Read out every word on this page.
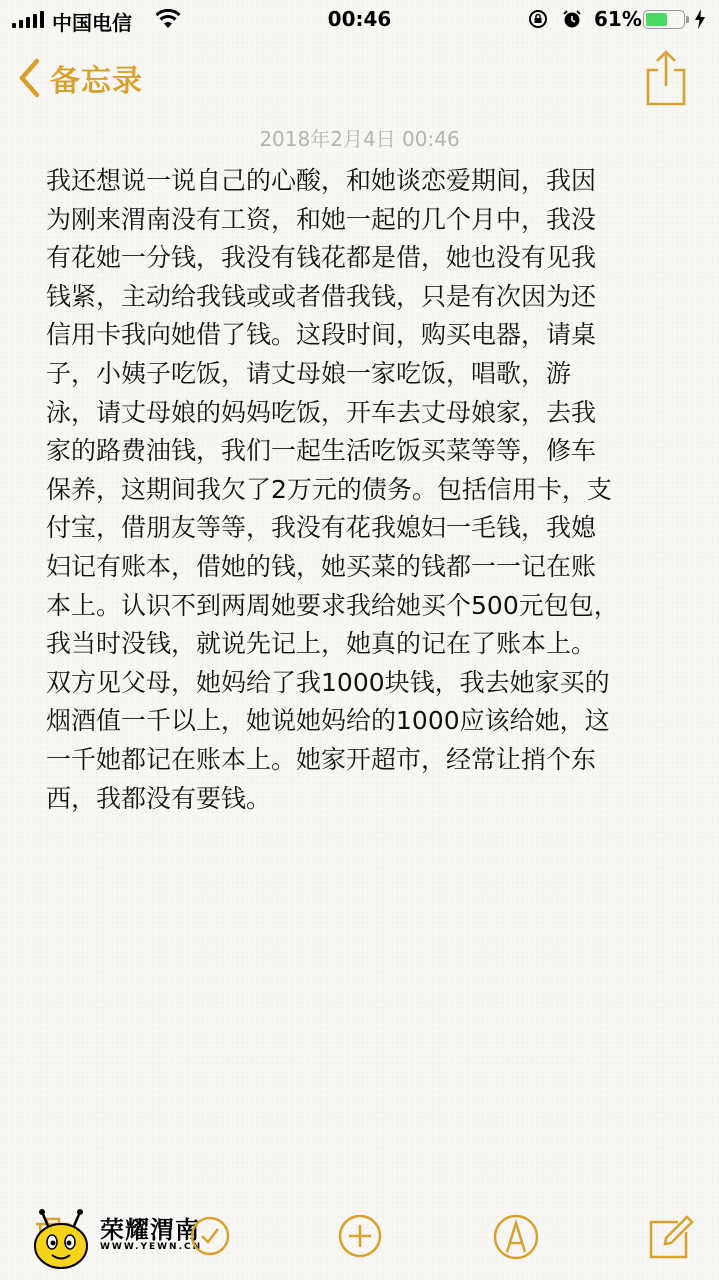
中国电信	00:46	61%
备忘录
2018年2月4日 00:46
我还想说一说自己的心酸，和她谈恋爱期间，我因
为刚来渭南没有工资，和她一起的几个月中，我没
有花她一分钱，我没有钱花都是借，她也没有见我
钱紧，主动给我钱或或者借我钱，只是有次因为还
信用卡我向她借了钱。这段时间，购买电器，请桌
子，小姨子吃饭，请丈母娘一家吃饭，唱歌，游
泳，请丈母娘的妈妈吃饭，开车去丈母娘家，去我
家的路费油钱，我们一起生活吃饭买菜等等，修车
保养，这期间我欠了2万元的债务。包括信用卡，支
付宝，借朋友等等，我没有花我媳妇一毛钱，我媳
妇记有账本，借她的钱，她买菜的钱都一一记在账
本上。认识不到两周她要求我给她买个500元包包，
我当时没钱，就说先记上，她真的记在了账本上。
双方见父母，她妈给了我1000块钱，我去她家买的
烟酒值一千以上，她说她妈给的1000应该给她，这
一千她都记在账本上。她家开超市，经常让捎个东
西，我都没有要钱。
荣耀渭南
WWW.YEWN.CN
